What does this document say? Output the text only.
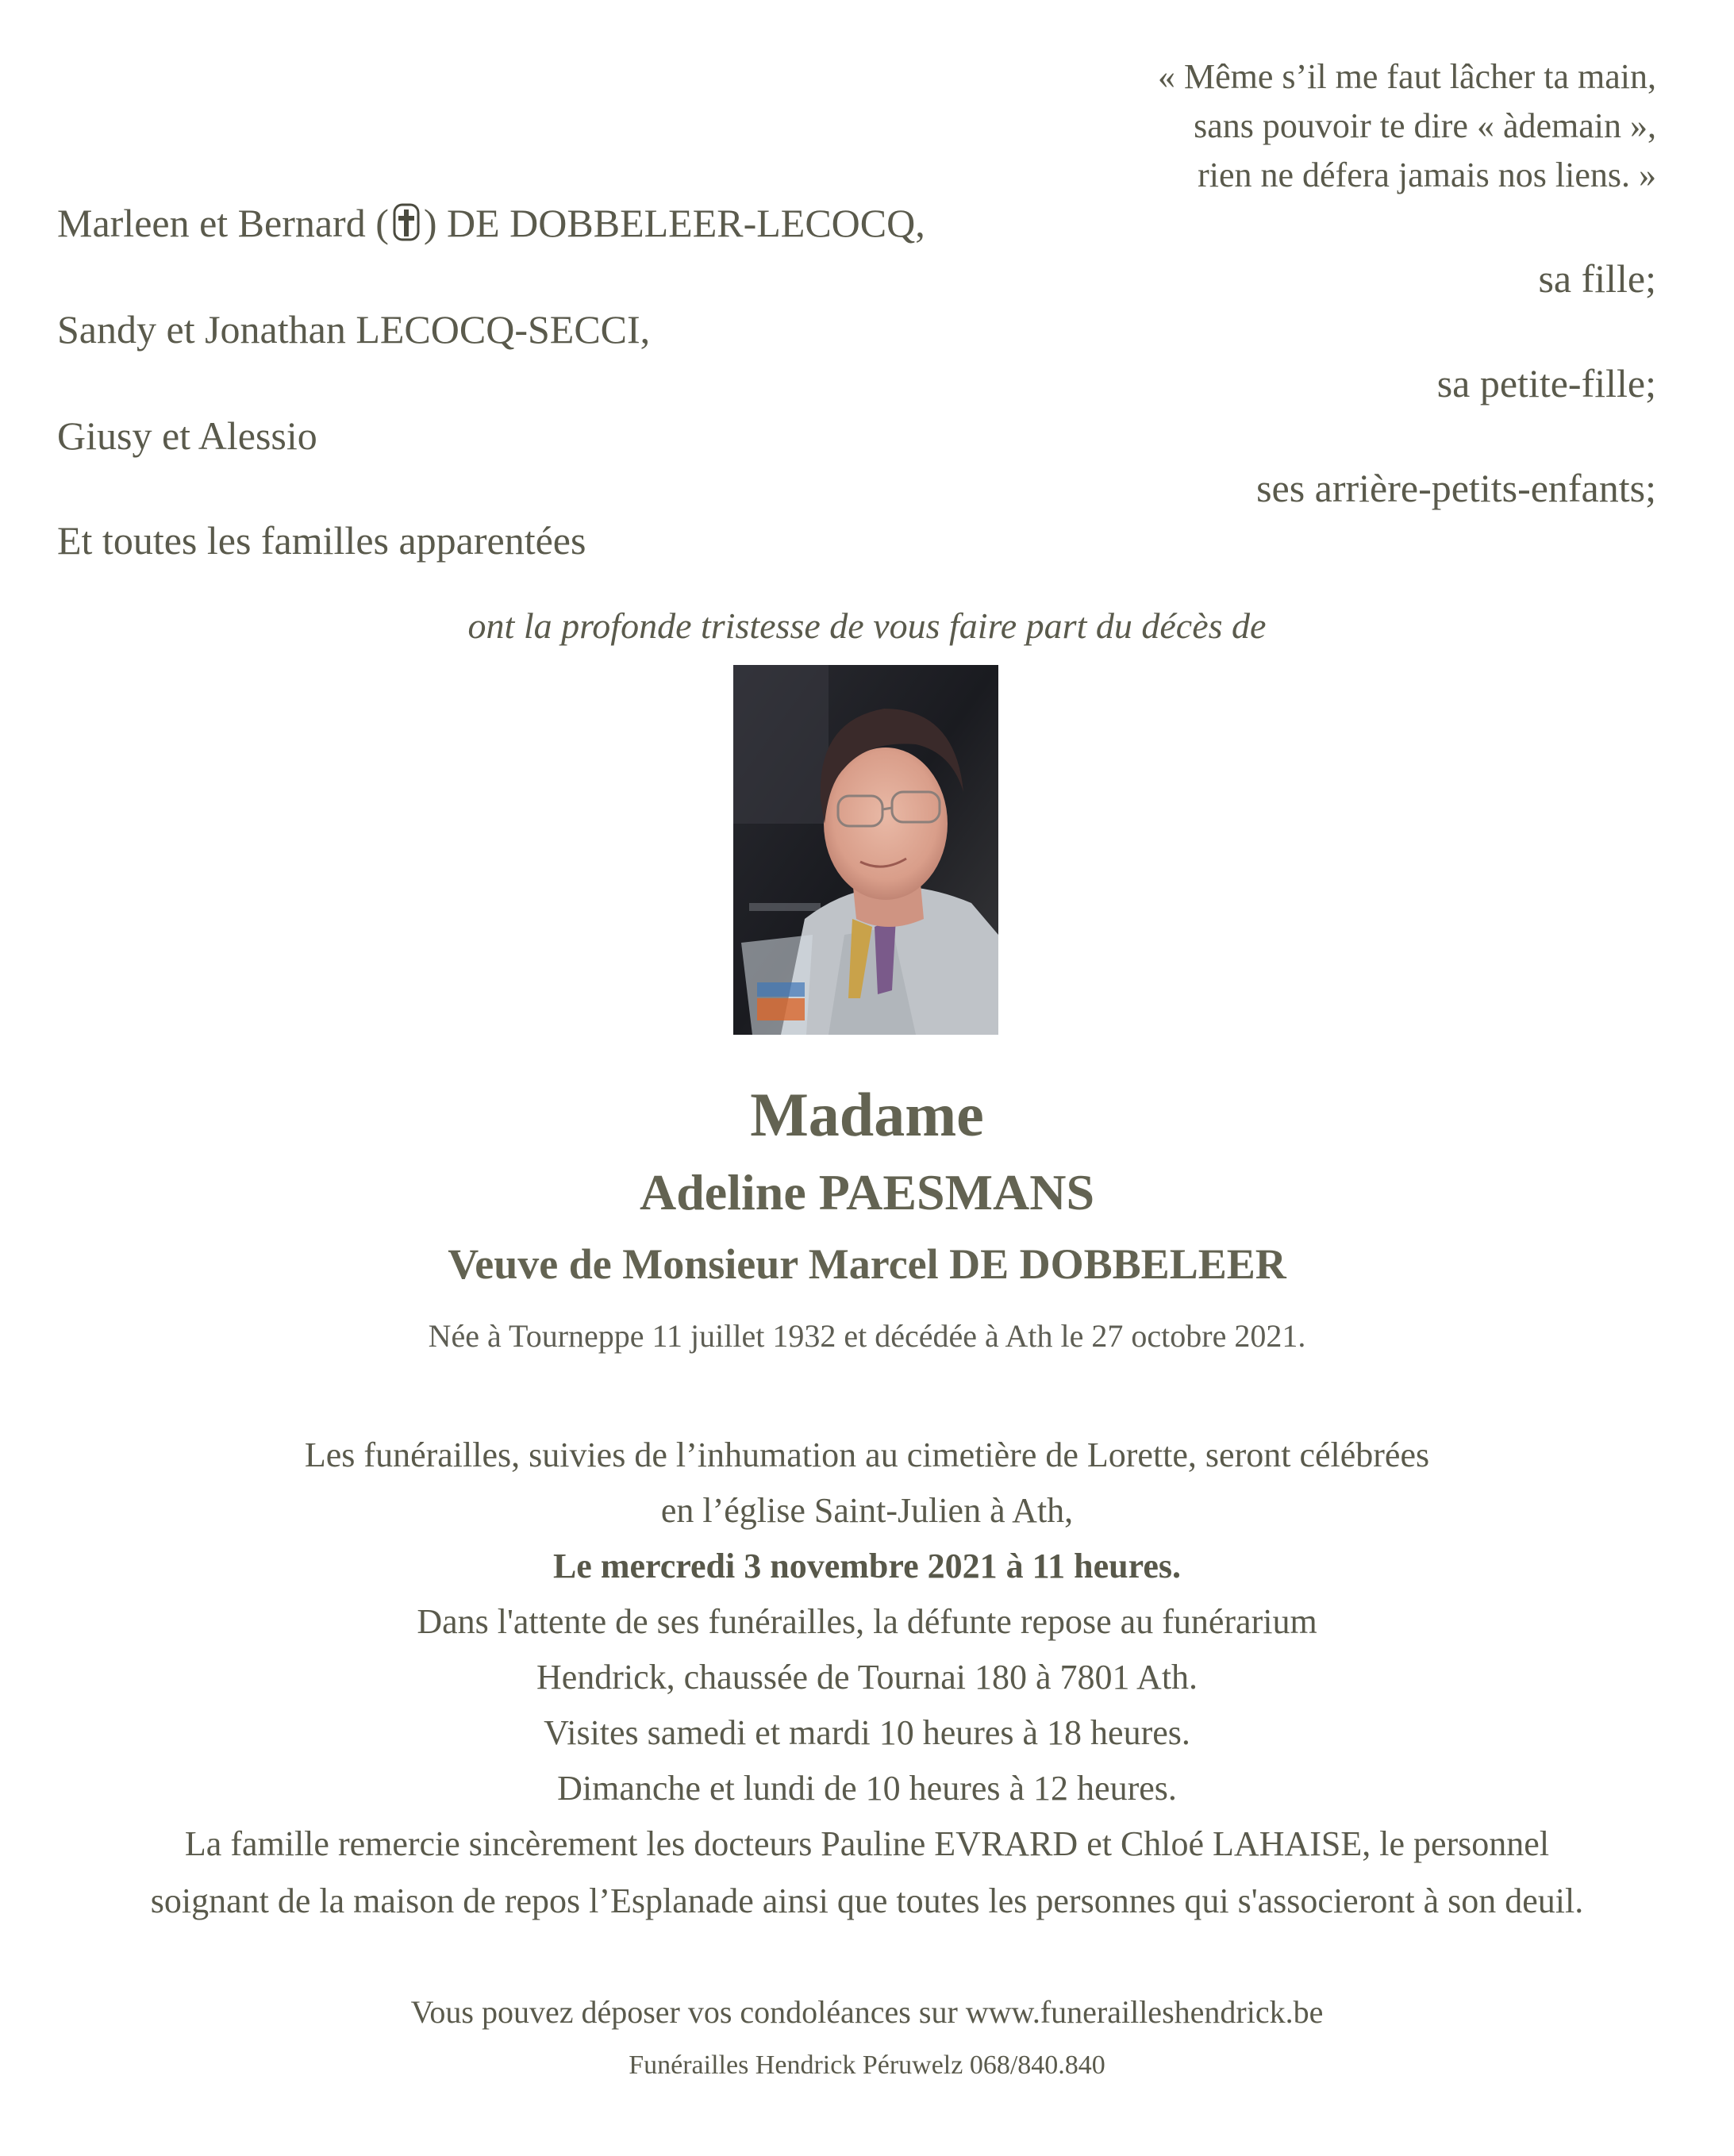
« Même s’il me faut lâcher ta main,
sans pouvoir te dire « àdemain »,
rien ne défera jamais nos liens. »
Marleen et Bernard ( ) DE DOBBELEER-LECOCQ,
sa fille;
Sandy et Jonathan LECOCQ-SECCI,
sa petite-fille;
Giusy et Alessio
ses arrière-petits-enfants;
Et toutes les familles apparentées
ont la profonde tristesse de vous faire part du décès de
Madame
Adeline PAESMANS
Veuve de Monsieur Marcel DE DOBBELEER
Née à Tourneppe 11 juillet 1932 et décédée à Ath le 27 octobre 2021.
Les funérailles, suivies de l’inhumation au cimetière de Lorette, seront célébrées
en l’église Saint-Julien à Ath,
Le mercredi 3 novembre 2021 à 11 heures.
Dans l'attente de ses funérailles, la défunte repose au funérarium
Hendrick, chaussée de Tournai 180 à 7801 Ath.
Visites samedi et mardi 10 heures à 18 heures.
Dimanche et lundi de 10 heures à 12 heures.
La famille remercie sincèrement les docteurs Pauline EVRARD et Chloé LAHAISE, le personnel
soignant de la maison de repos l’Esplanade ainsi que toutes les personnes qui s'associeront à son deuil.
Vous pouvez déposer vos condoléances sur www.funerailleshendrick.be
Funérailles Hendrick Péruwelz 068/840.840
